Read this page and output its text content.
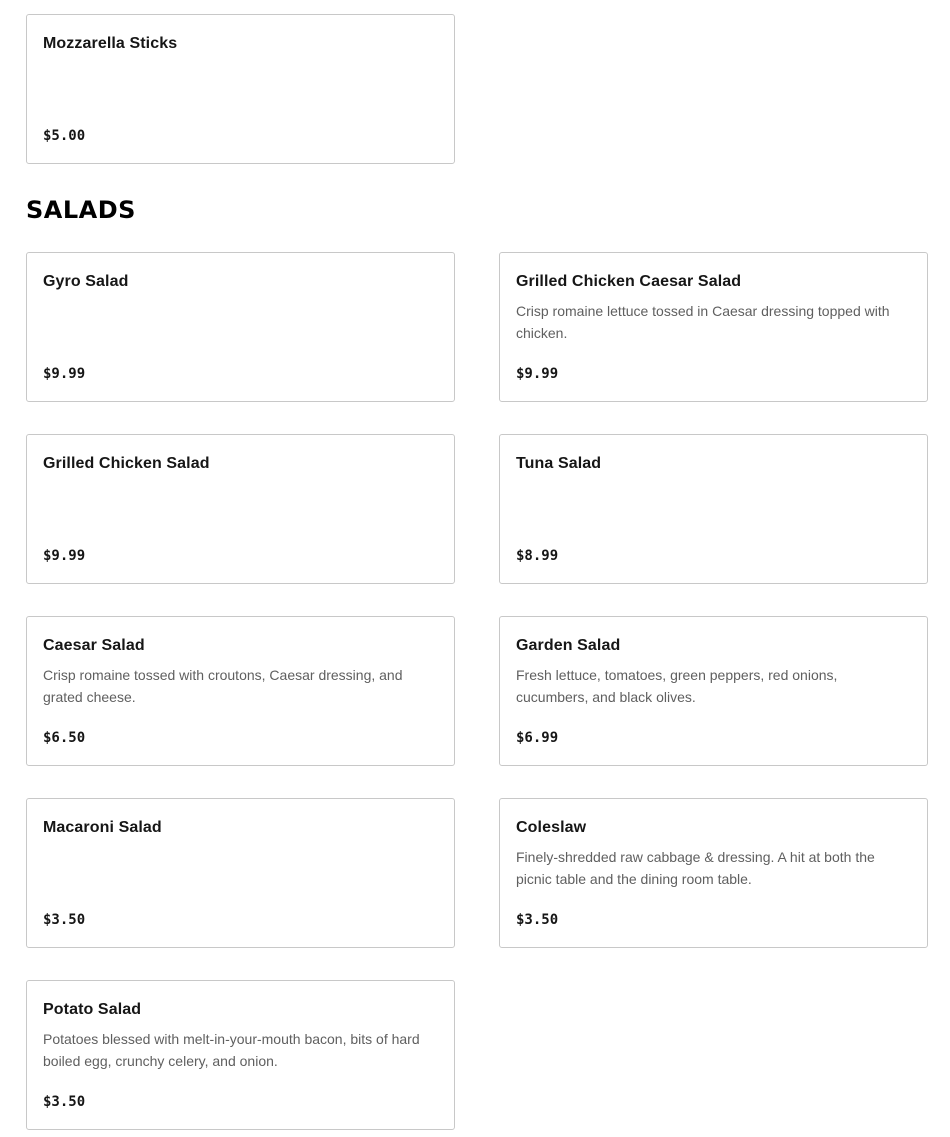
Mozzarella Sticks
$5.00
SALADS
Gyro Salad
$9.99
Grilled Chicken Caesar Salad
Crisp romaine lettuce tossed in Caesar dressing topped with chicken.
$9.99
Grilled Chicken Salad
$9.99
Tuna Salad
$8.99
Caesar Salad
Crisp romaine tossed with croutons, Caesar dressing, and grated cheese.
$6.50
Garden Salad
Fresh lettuce, tomatoes, green peppers, red onions, cucumbers, and black olives.
$6.99
Macaroni Salad
$3.50
Coleslaw
Finely-shredded raw cabbage & dressing. A hit at both the picnic table and the dining room table.
$3.50
Potato Salad
Potatoes blessed with melt-in-your-mouth bacon, bits of hard boiled egg, crunchy celery, and onion.
$3.50
